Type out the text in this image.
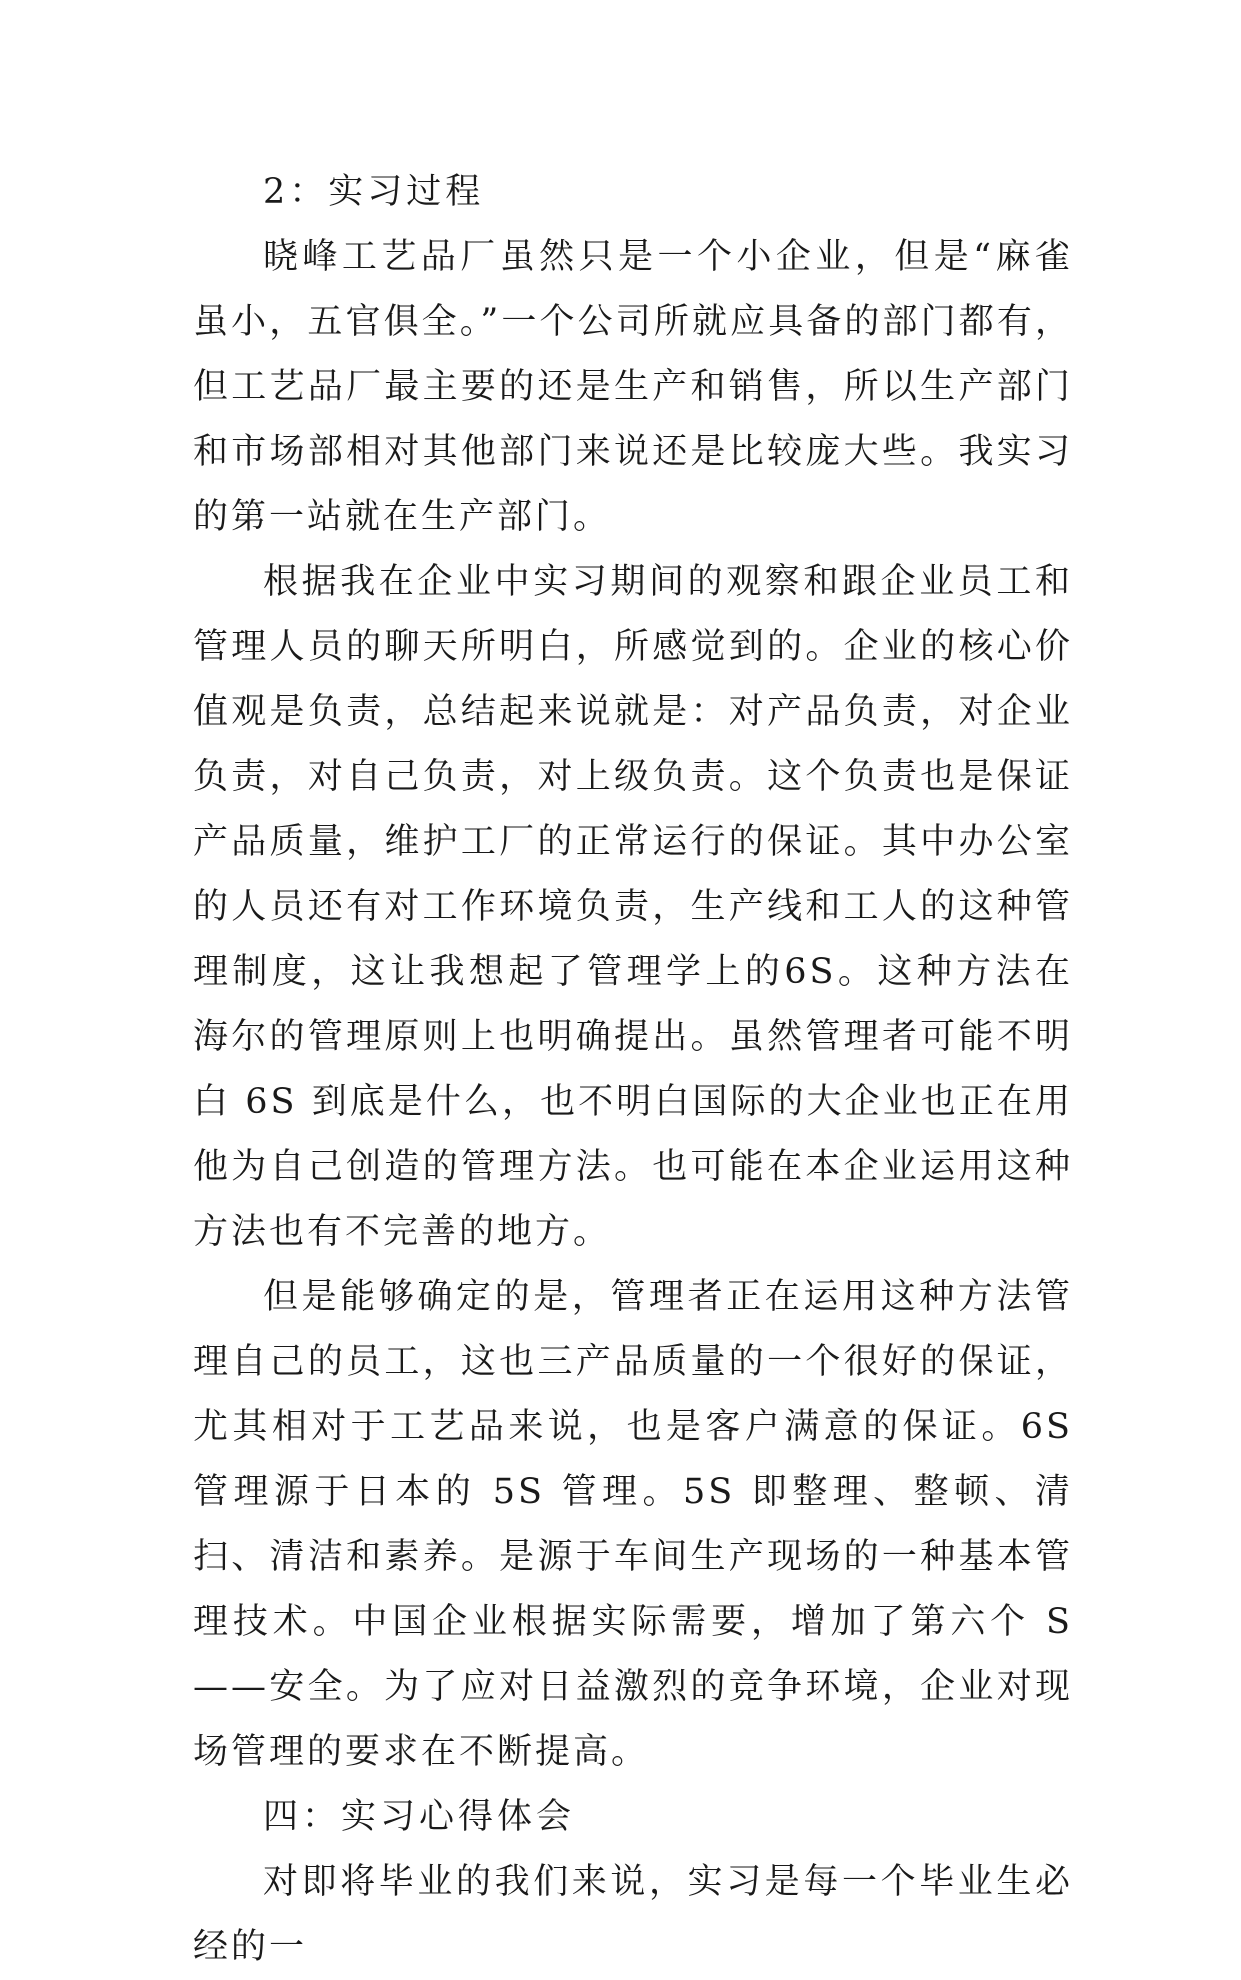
2：实习过程

晓峰工艺品厂虽然只是一个小企业，但是“麻雀虽小，五官俱全。”一个公司所就应具备的部门都有，但工艺品厂最主要的还是生产和销售，所以生产部门和市场部相对其他部门来说还是比较庞大些。我实习的第一站就在生产部门。

根据我在企业中实习期间的观察和跟企业员工和管理人员的聊天所明白，所感觉到的。企业的核心价值观是负责，总结起来说就是：对产品负责，对企业负责，对自己负责，对上级负责。这个负责也是保证产品质量，维护工厂的正常运行的保证。其中办公室的人员还有对工作环境负责，生产线和工人的这种管理制度，这让我想起了管理学上的6S。这种方法在海尔的管理原则上也明确提出。虽然管理者可能不明白 6S 到底是什么，也不明白国际的大企业也正在用他为自己创造的管理方法。也可能在本企业运用这种方法也有不完善的地方。

但是能够确定的是，管理者正在运用这种方法管理自己的员工，这也三产品质量的一个很好的保证，尤其相对于工艺品来说，也是客户满意的保证。6S 管理源于日本的 5S 管理。5S 即整理、整顿、清扫、清洁和素养。是源于车间生产现场的一种基本管理技术。中国企业根据实际需要，增加了第六个 S——安全。为了应对日益激烈的竞争环境，企业对现场管理的要求在不断提高。

四：实习心得体会

对即将毕业的我们来说，实习是每一个毕业生必经的一
